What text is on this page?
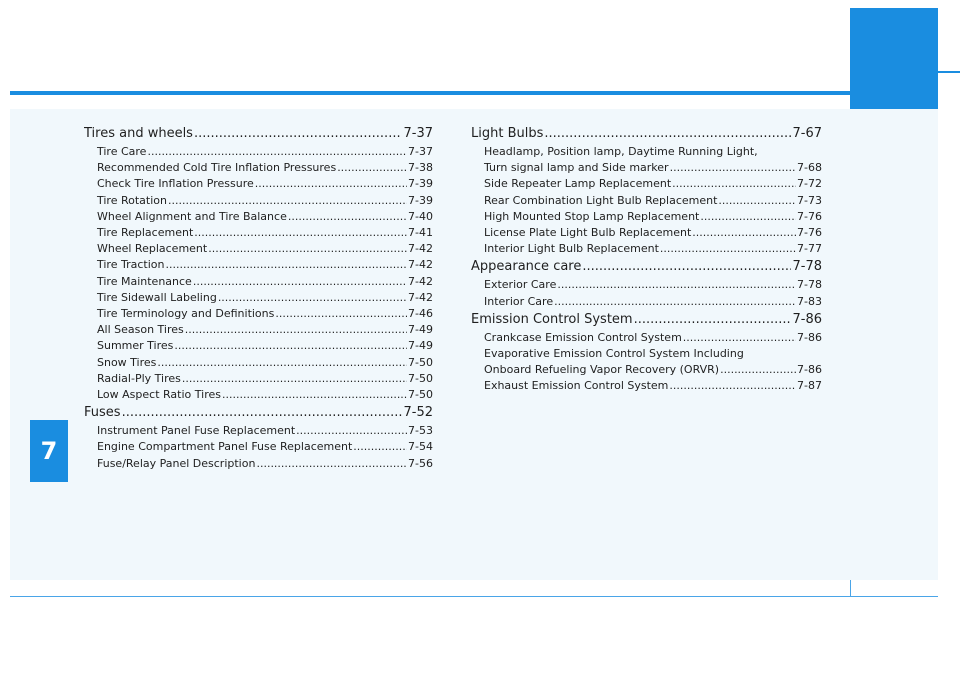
7
Tires and wheels .....	7-37
Tire Care .....	7-37
Recommended Cold Tire Inflation Pressures .....	7-38
Check Tire Inflation Pressure .....	7-39
Tire Rotation .....	7-39
Wheel Alignment and Tire Balance .....	7-40
Tire Replacement .....	7-41
Wheel Replacement .....	7-42
Tire Traction .....	7-42
Tire Maintenance .....	7-42
Tire Sidewall Labeling .....	7-42
Tire Terminology and Definitions .....	7-46
All Season Tires .....	7-49
Summer Tires .....	7-49
Snow Tires .....	7-50
Radial-Ply Tires .....	7-50
Low Aspect Ratio Tires .....	7-50
Fuses .....	7-52
Instrument Panel Fuse Replacement .....	7-53
Engine Compartment Panel Fuse Replacement .....	7-54
Fuse/Relay Panel Description .....	7-56
Light Bulbs .....	7-67
Headlamp, Position lamp, Daytime Running Light,
Turn signal lamp and Side marker .....	7-68
Side Repeater Lamp Replacement .....	7-72
Rear Combination Light Bulb Replacement .....	7-73
High Mounted Stop Lamp Replacement .....	7-76
License Plate Light Bulb Replacement .....	7-76
Interior Light Bulb Replacement .....	7-77
Appearance care .....	7-78
Exterior Care .....	7-78
Interior Care .....	7-83
Emission Control System .....	7-86
Crankcase Emission Control System .....	7-86
Evaporative Emission Control System Including
Onboard Refueling Vapor Recovery (ORVR) .....	7-86
Exhaust Emission Control System .....	7-87
